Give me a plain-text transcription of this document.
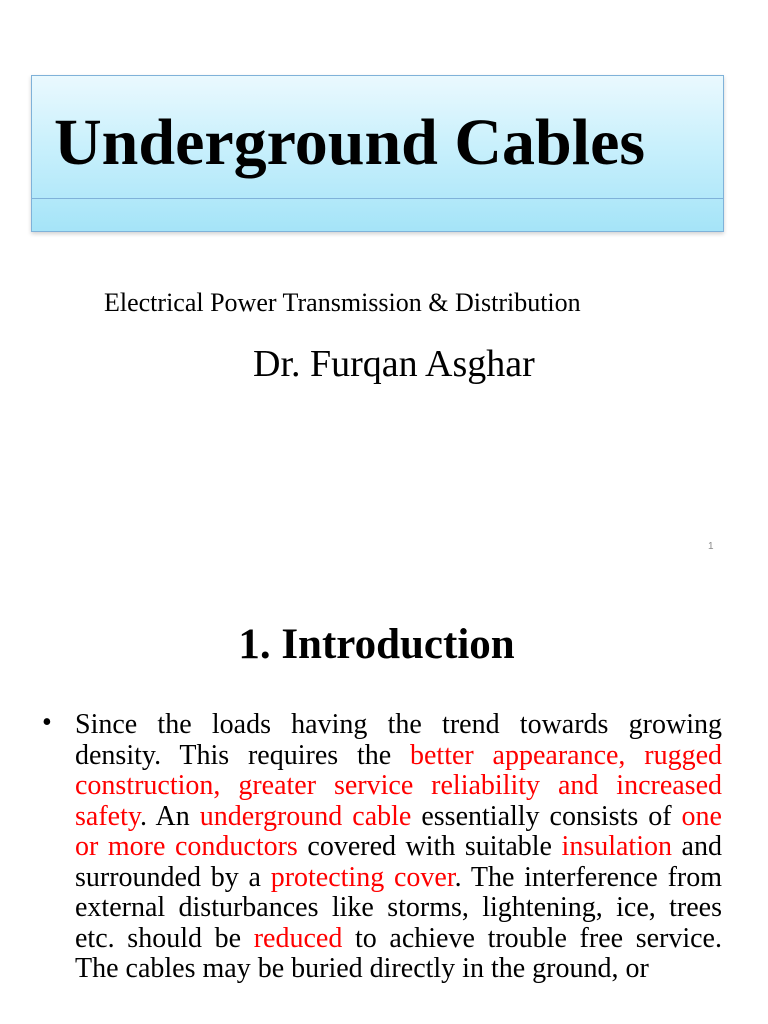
Underground Cables
Electrical Power Transmission & Distribution
Dr. Furqan Asghar
1
1. Introduction
• Since the loads having the trend towards growing density. This requires the better appearance, rugged construction, greater service reliability and increased safety. An underground cable essentially consists of one or more conductors covered with suitable insulation and surrounded by a protecting cover. The interference from external disturbances like storms, lightening, ice, trees etc. should be reduced to achieve trouble free service. The cables may be buried directly in the ground, or
